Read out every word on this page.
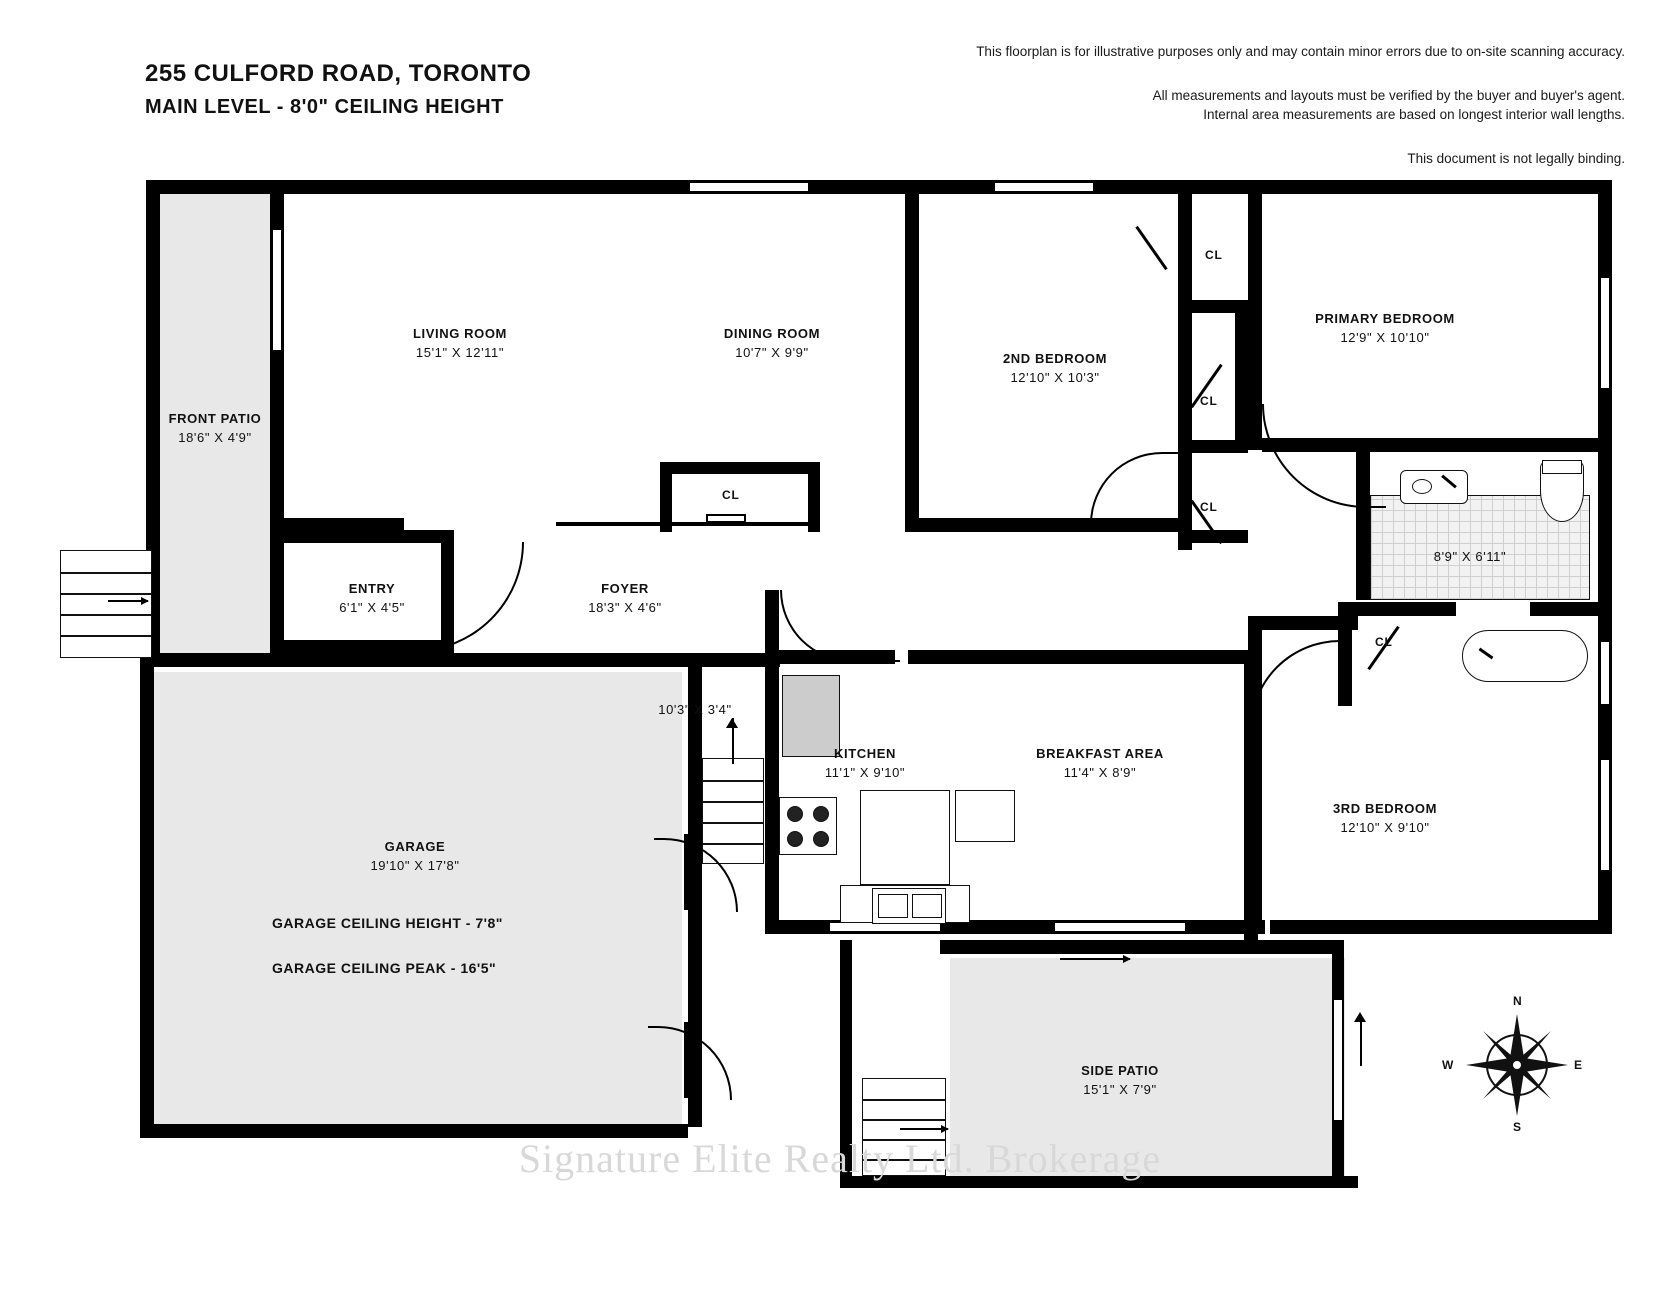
255 CULFORD ROAD, TORONTO
MAIN LEVEL - 8'0" CEILING HEIGHT
This floorplan is for illustrative purposes only and may contain minor errors due to on-site scanning accuracy.
All measurements and layouts must be verified by the buyer and buyer's agent.
Internal area measurements are based on longest interior wall lengths.
This document is not legally binding.
FRONT PATIO
18'6" X 4'9"
LIVING ROOM
15'1" X 12'11"
DINING ROOM
10'7" X 9'9"	2ND BEDROOM
12'10" X 10'3"
PRIMARY BEDROOM
12'9" X 10'10"
ENTRY
6'1" X 4'5"
FOYER
18'3" X 4'6"
8'9" X 6'11"
10'3" X 3'4"
KITCHEN
11'1" X 9'10"
BREAKFAST AREA
11'4" X 8'9"
3RD BEDROOM
12'10" X 9'10"
GARAGE
19'10" X 17'8"
SIDE PATIO
15'1" X 7'9"
GARAGE CEILING HEIGHT - 7'8"
GARAGE CEILING PEAK - 16'5"
CL
CL
CL
CL
CL
N
E
S
W
Signature Elite Realty Ltd. Brokerage
